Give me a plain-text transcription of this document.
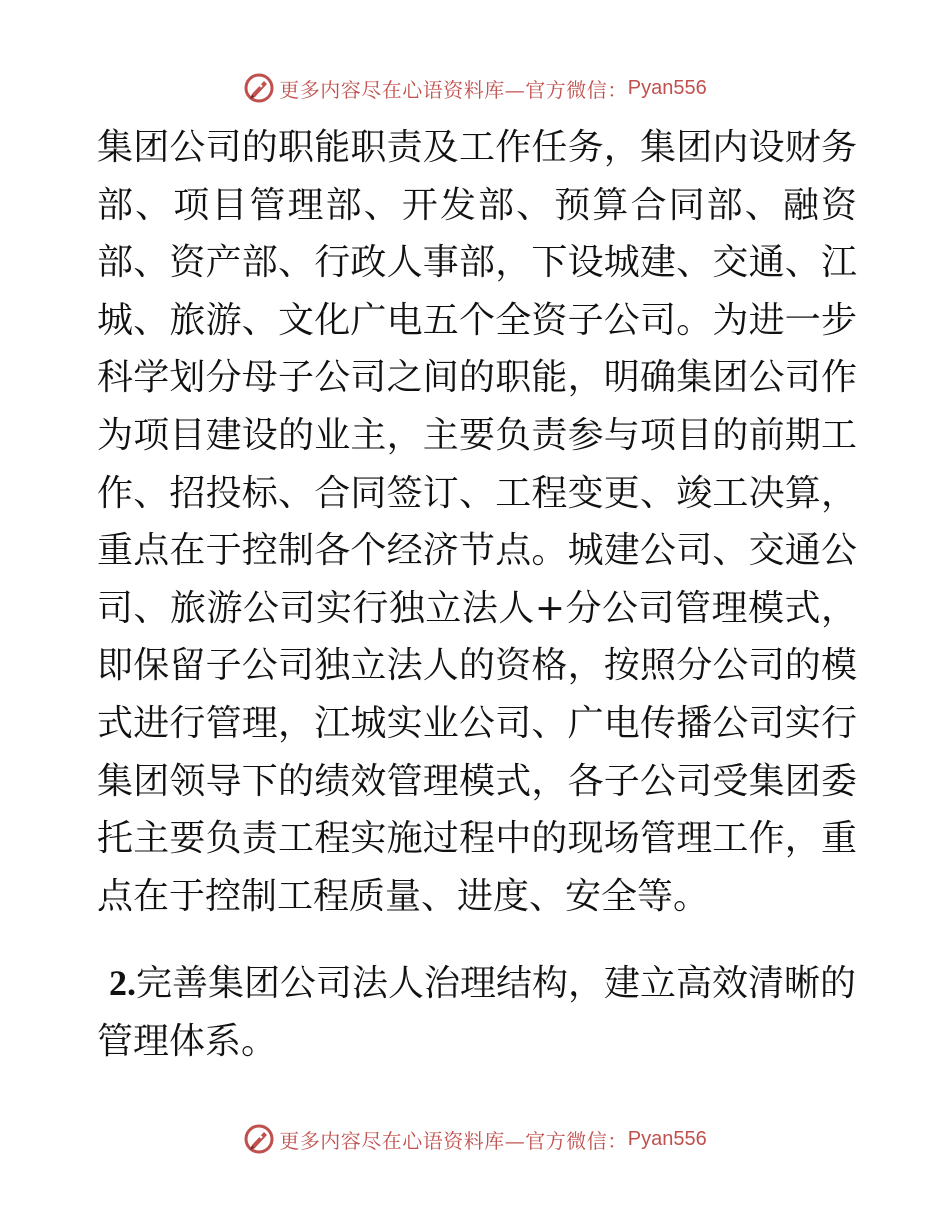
更多内容尽在心语资料库—官方微信： Pyan556

集团公司的职能职责及工作任务，集团内设财务部、项目管理部、开发部、预算合同部、融资部、资产部、行政人事部，下设城建、交通、江城、旅游、文化广电五个全资子公司。为进一步科学划分母子公司之间的职能，明确集团公司作为项目建设的业主，主要负责参与项目的前期工作、招投标、合同签订、工程变更、竣工决算，重点在于控制各个经济节点。城建公司、交通公司、旅游公司实行独立法人+分公司管理模式，即保留子公司独立法人的资格，按照分公司的模式进行管理，江城实业公司、广电传播公司实行集团领导下的绩效管理模式，各子公司受集团委托主要负责工程实施过程中的现场管理工作，重点在于控制工程质量、进度、安全等。

2.完善集团公司法人治理结构，建立高效清晰的管理体系。

更多内容尽在心语资料库—官方微信： Pyan556
